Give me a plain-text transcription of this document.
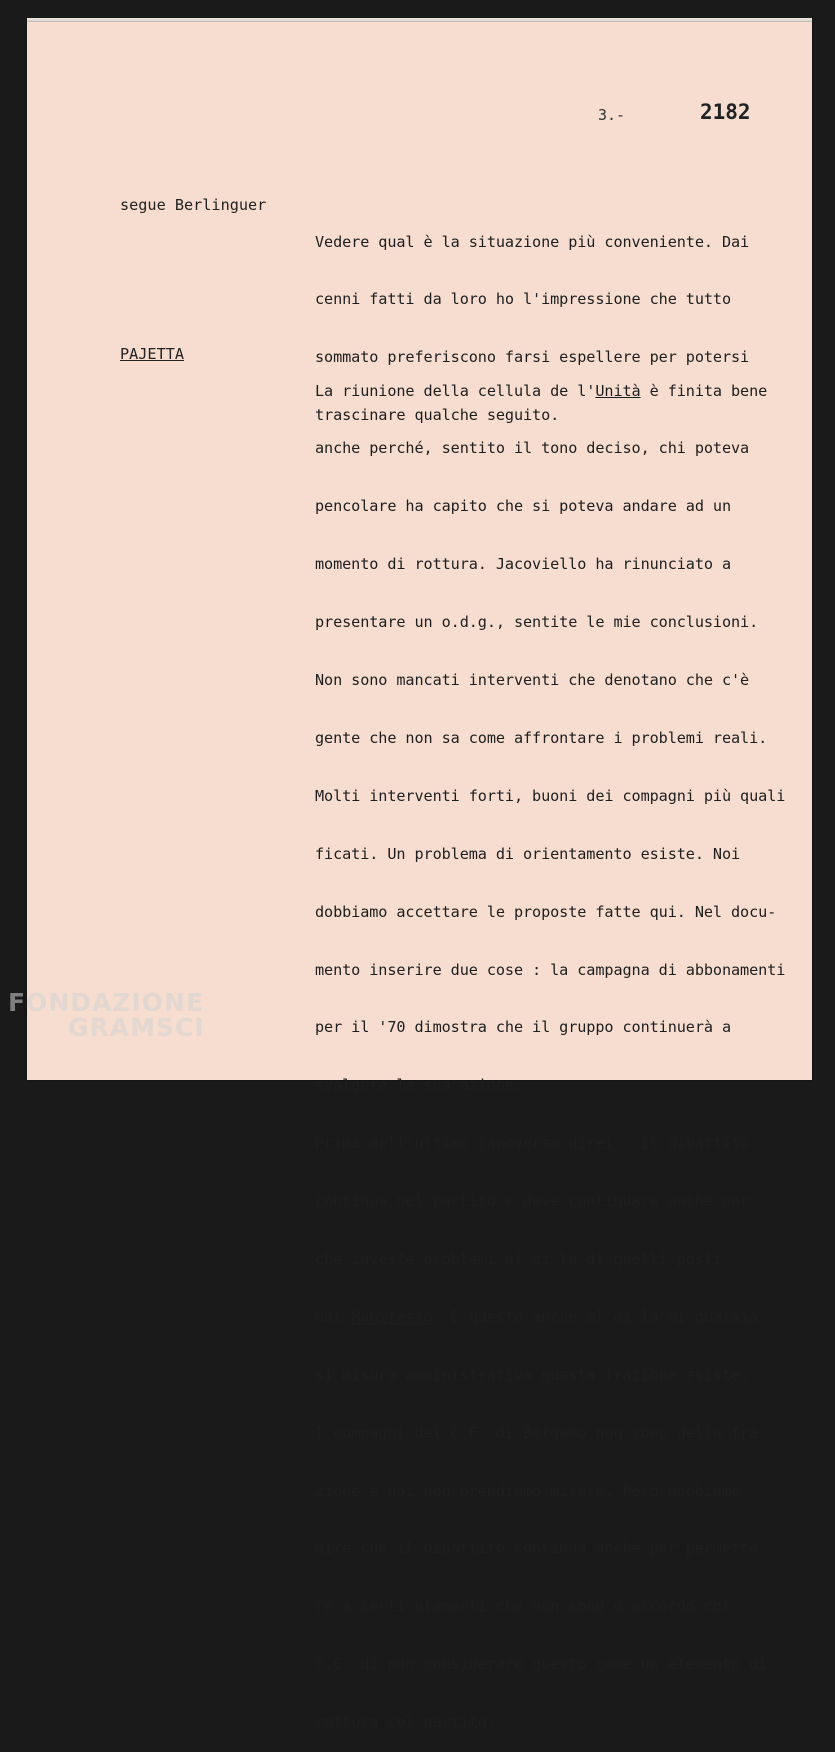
3.-	2182
segue Berlinguer

Vedere qual è la situazione più conveniente. Dai

cenni fatti da loro ho l'impressione che tutto

sommato preferiscono farsi espellere per potersi

trascinare qualche seguito.

PAJETTA

La riunione della cellula de l'Unità è finita bene

anche perché, sentito il tono deciso, chi poteva

pencolare ha capito che si poteva andare ad un

momento di rottura. Jacoviello ha rinunciato a

presentare un o.d.g., sentite le mie conclusioni.

Non sono mancati interventi che denotano che c'è

gente che non sa come affrontare i problemi reali.

Molti interventi forti, buoni dei compagni più quali

ficati. Un problema di orientamento esiste. Noi

dobbiamo accettare le proposte fatte qui. Nel docu-

mento inserire due cose : la campagna di abbonamenti

per il '70 dimostra che il gruppo continuerà a

svolgere la sua azione.

Prima dell'ultimo capoverso direi : il dibattito

continua nel partito e deve continuare anche per-

ché investe problemi al di là di quelli posti

dal Manifesto. E questo anche al di là di qualsia-

si misura amministrativa questa frazione esiste.

I compagni del C.F. di Bergamo non sono della fra-

zione e noi non prendiamo misure. Però dobbiamo

dire che il dibattito continua anche per permette-

re a certi elementi che non sono d'accordo col

C.C. di non considerare questo come un elemento di

rottura col partito.

FONDAZIONE
GRAMSCI
